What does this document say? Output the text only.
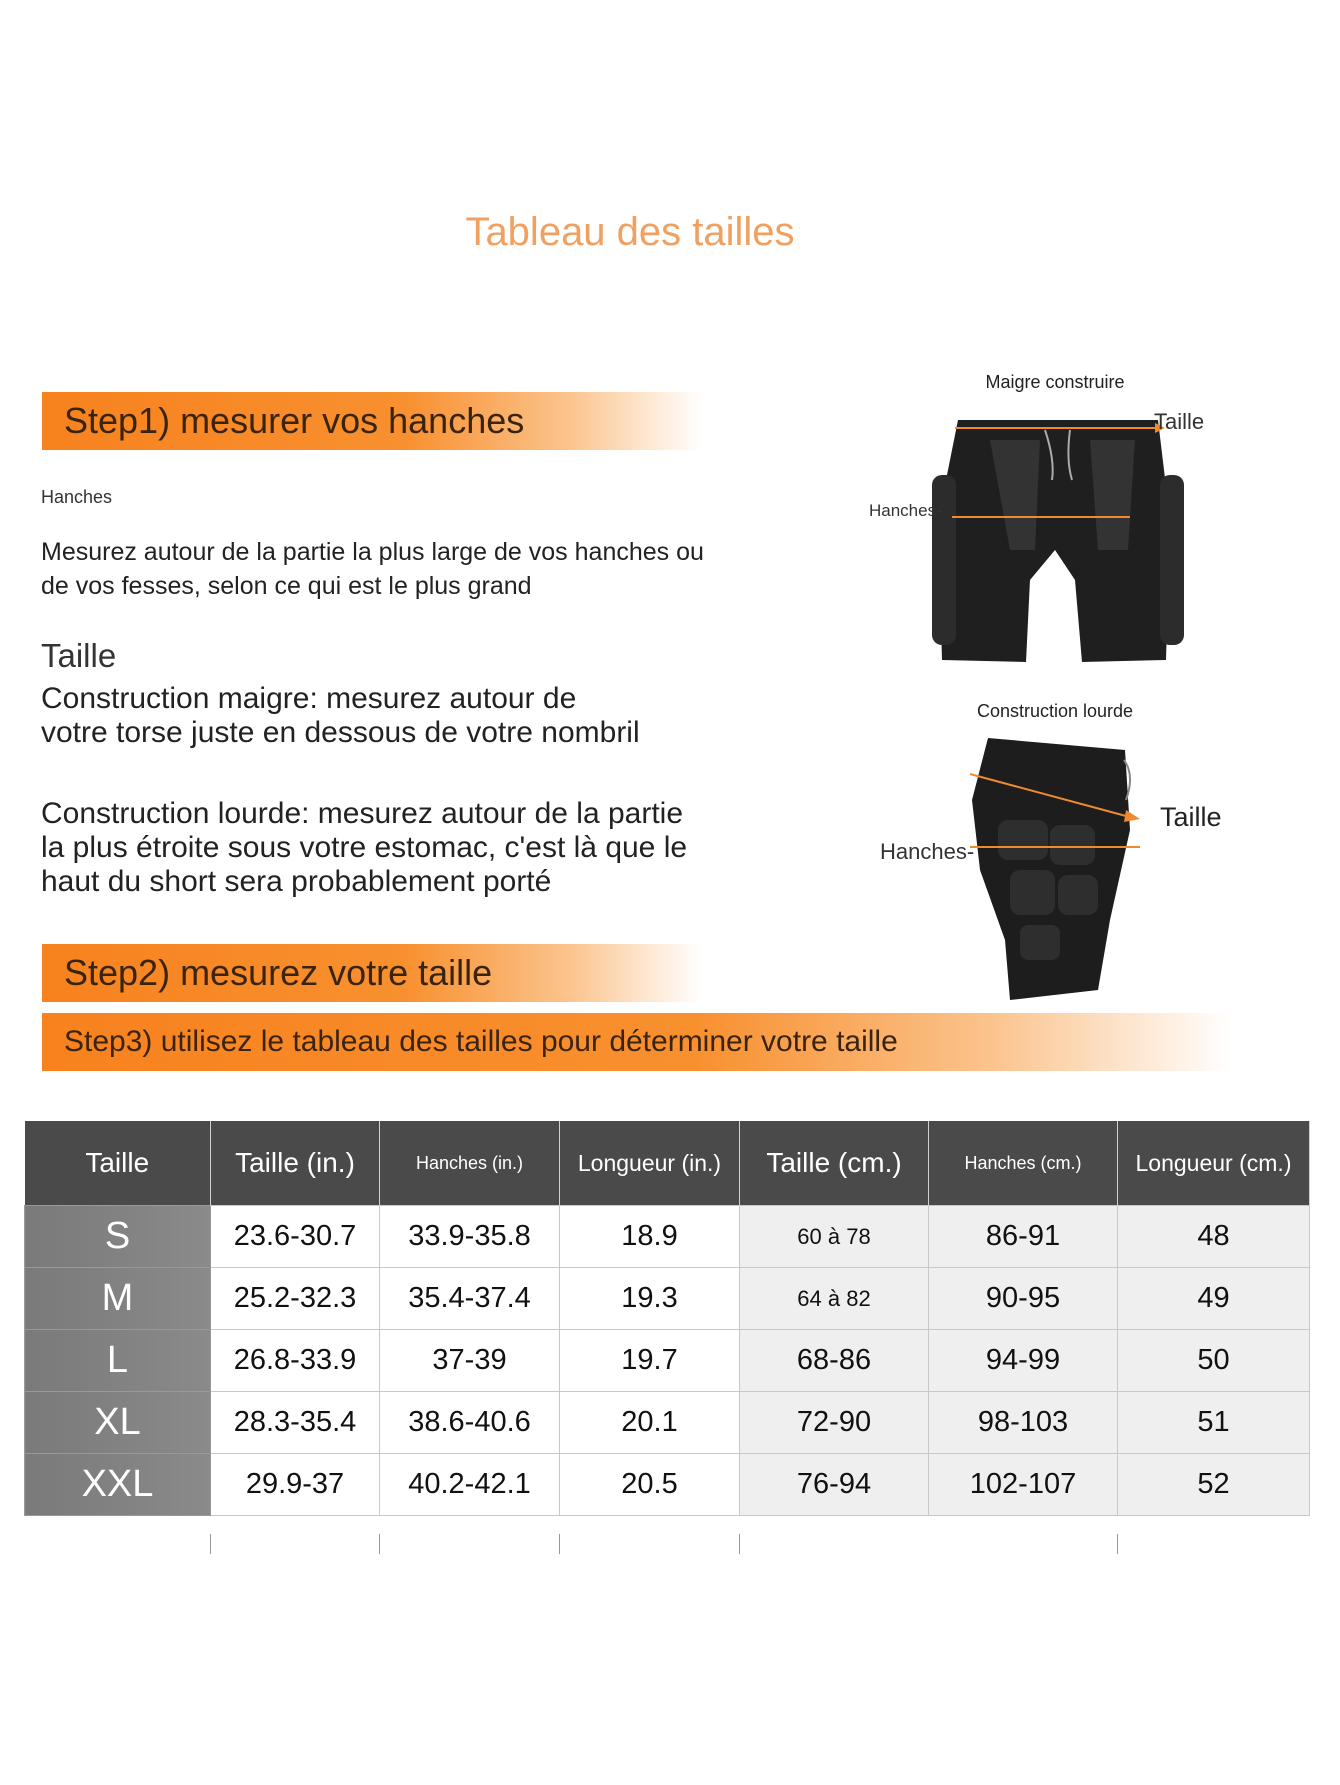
Tableau des tailles
Step1) mesurer vos hanches
Hanches
Mesurez autour de la partie la plus large de vos hanches ou
de vos fesses, selon ce qui est le plus grand
Taille
Construction maigre: mesurez autour de
votre torse juste en dessous de votre nombril
Construction lourde: mesurez autour de la partie
la plus étroite sous votre estomac, c'est là que le
haut du short sera probablement porté
Step2) mesurez votre taille
Step3) utilisez le tableau des tailles pour déterminer votre taille
Maigre construire
Taille
Hanches-
Construction lourde
Taille
Hanches-
Taille	Taille (in.)	Hanches (in.)	Longueur (in.)	Taille (cm.)	Hanches (cm.)	Longueur (cm.)
S	23.6-30.7	33.9-35.8	18.9	60 à 78	86-91	48
M	25.2-32.3	35.4-37.4	19.3	64 à 82	90-95	49
L	26.8-33.9	37-39	19.7	68-86	94-99	50
XL	28.3-35.4	38.6-40.6	20.1	72-90	98-103	51
XXL	29.9-37	40.2-42.1	20.5	76-94	102-107	52
